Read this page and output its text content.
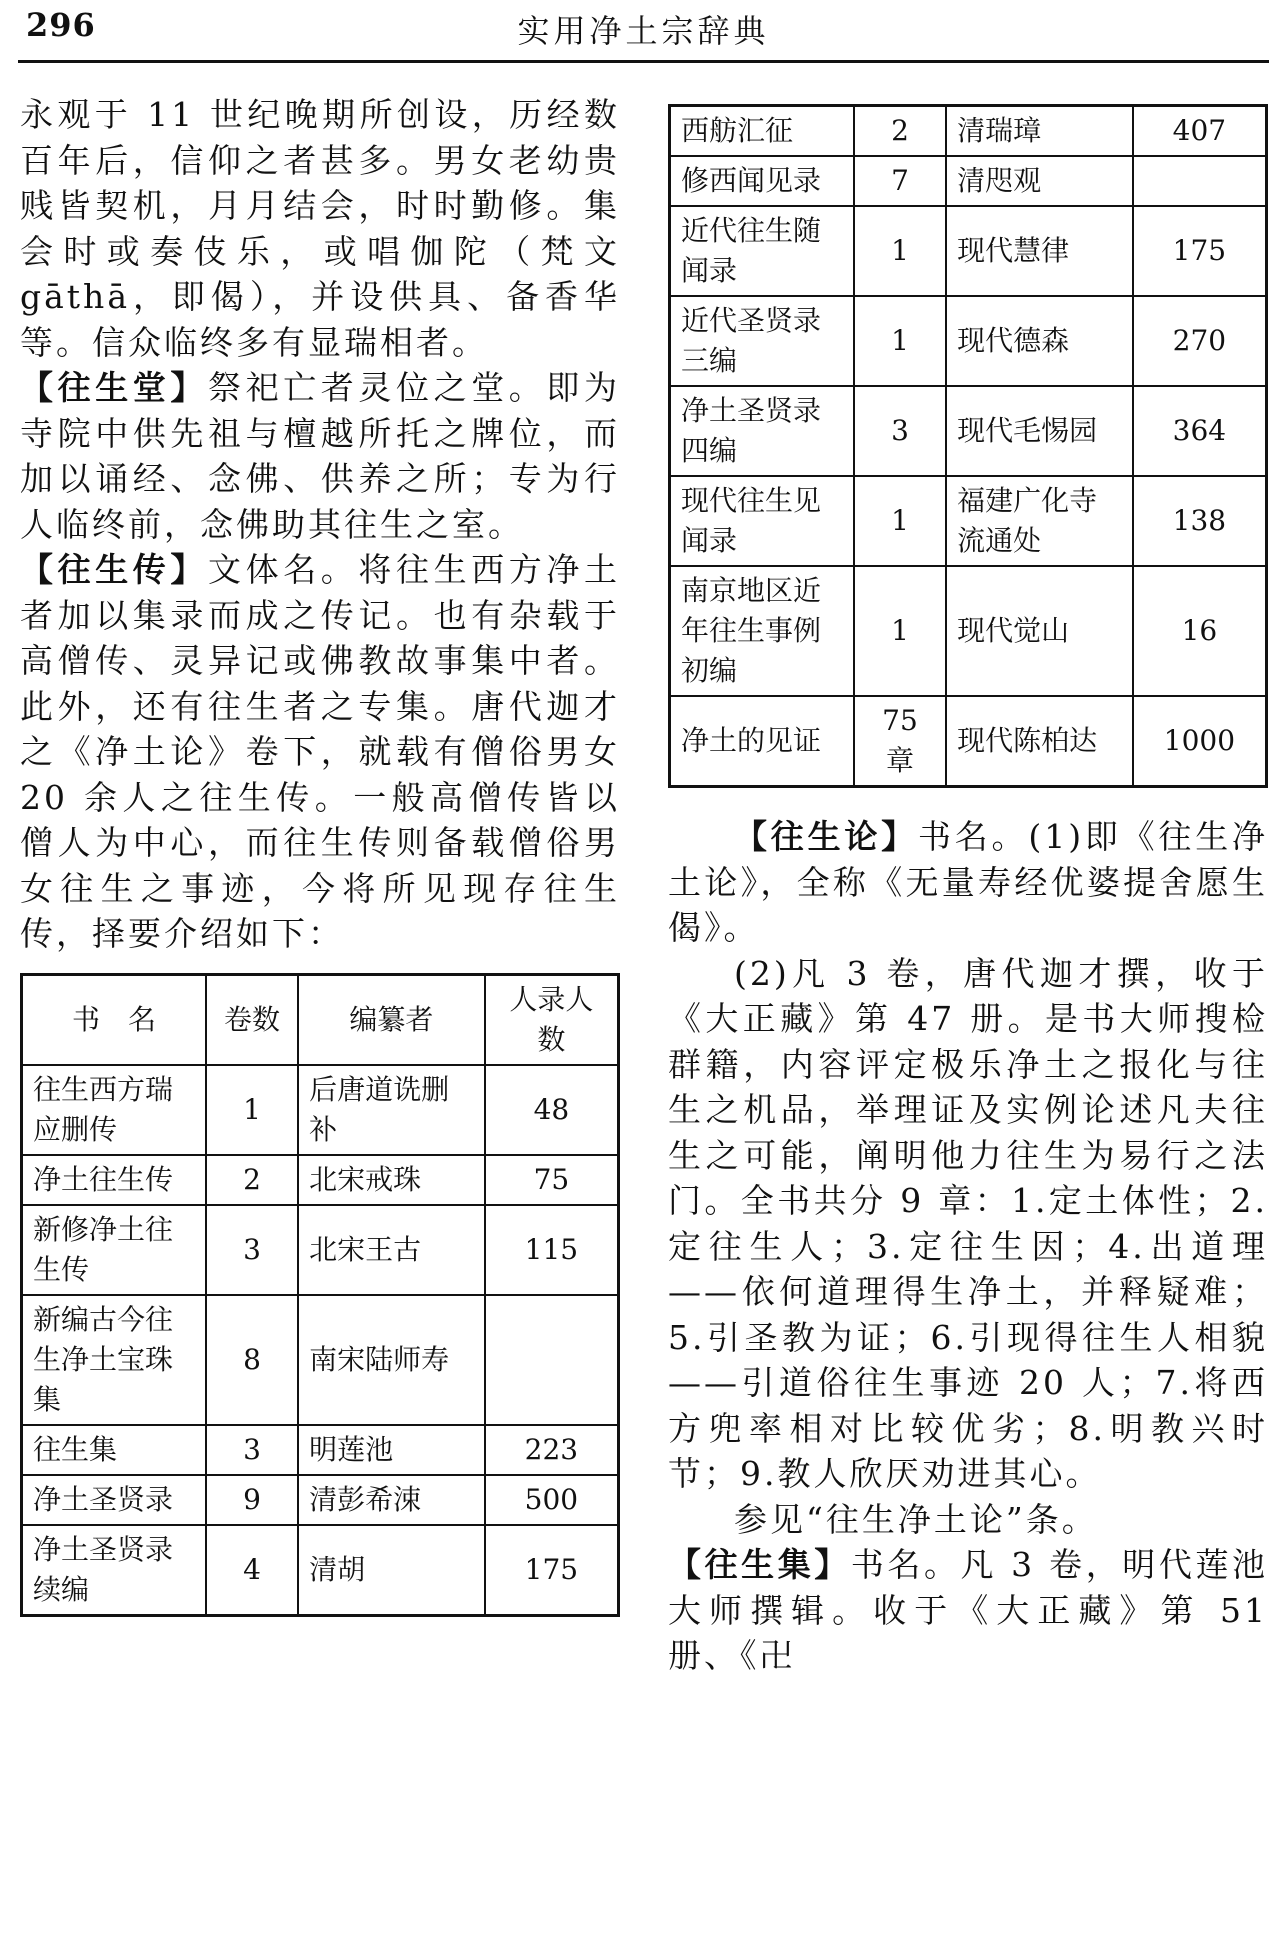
296	实用净土宗辞典

永观于 11 世纪晚期所创设，历经数百年后，信仰之者甚多。男女老幼贵贱皆契机，月月结会，时时勤修。集会时或奏伎乐，或唱伽陀（梵文 gāthā，即偈），并设供具、备香华等。信众临终多有显瑞相者。

【往生堂】祭祀亡者灵位之堂。即为寺院中供先祖与檀越所托之牌位，而加以诵经、念佛、供养之所；专为行人临终前，念佛助其往生之室。

【往生传】文体名。将往生西方净土者加以集录而成之传记。也有杂载于高僧传、灵异记或佛教故事集中者。此外，还有往生者之专集。唐代迦才之《净土论》卷下，就载有僧俗男女 20 余人之往生传。一般高僧传皆以僧人为中心，而往生传则备载僧俗男女往生之事迹，今将所见现存往生传，择要介绍如下：

书　名	卷数	编纂者	人录人数
往生西方瑞应删传	1	后唐道诜删补	48
净土往生传	2	北宋戒珠	75
新修净土往生传	3	北宋王古	115
新编古今往生净土宝珠集	8	南宋陆师寿	
往生集	3	明莲池	223
净土圣贤录	9	清彭希涑	500
净土圣贤录续编	4	清胡	175
西舫汇征	2	清瑞璋	407
修西闻见录	7	清咫观	
近代往生随闻录	1	现代慧律	175
近代圣贤录三编	1	现代德森	270
净土圣贤录四编	3	现代毛惕园	364
现代往生见闻录	1	福建广化寺流通处	138
南京地区近年往生事例初编	1	现代觉山	16
净土的见证	75 章	现代陈柏达	1000

【往生论】书名。(1)即《往生净土论》，全称《无量寿经优婆提舍愿生偈》。

(2)凡 3 卷，唐代迦才撰，收于《大正藏》第 47 册。是书大师搜检群籍，内容评定极乐净土之报化与往生之机品，举理证及实例论述凡夫往生之可能，阐明他力往生为易行之法门。全书共分 9 章：1.定土体性；2.定往生人；3.定往生因；4.出道理——依何道理得生净土，并释疑难；5.引圣教为证；6.引现得往生人相貌——引道俗往生事迹 20 人；7.将西方兜率相对比较优劣；8.明教兴时节；9.教人欣厌劝进其心。

参见“往生净土论”条。

【往生集】书名。凡 3 卷，明代莲池大师撰辑。收于《大正藏》第 51 册、《卍
